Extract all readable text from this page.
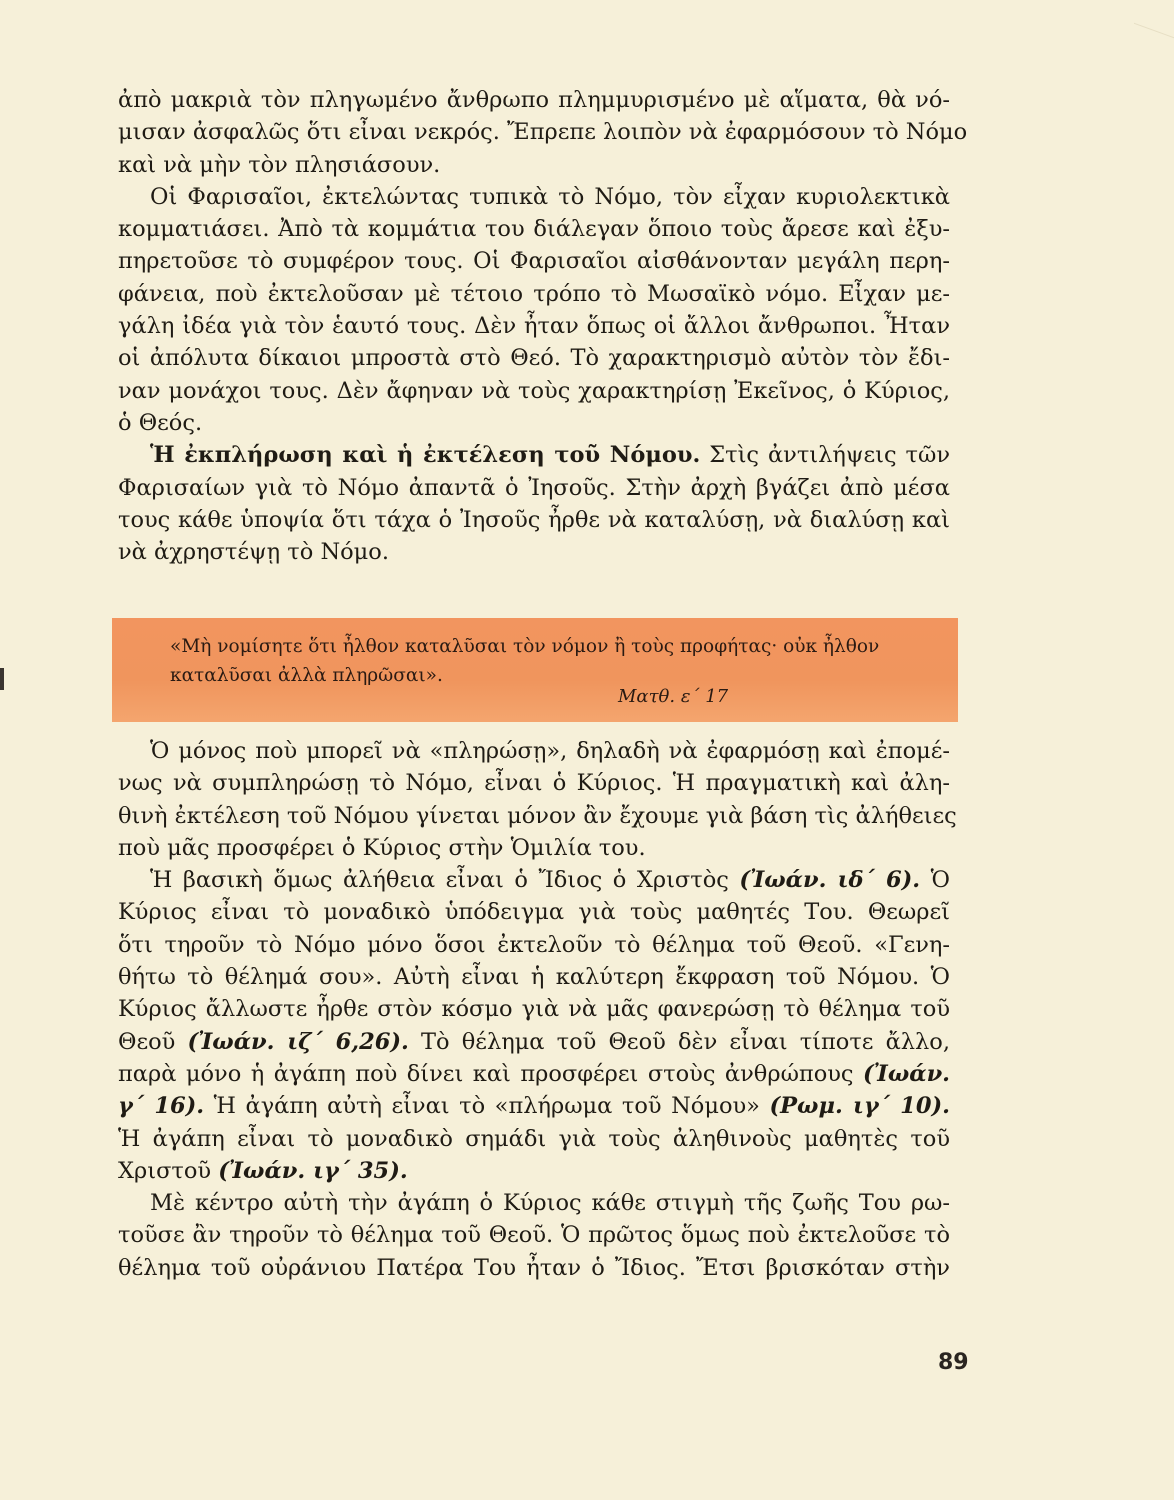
ἀπὸ μακριὰ τὸν πληγωμένο ἄνθρωπο πλημμυρισμένο μὲ αἵματα, θὰ νό-
μισαν ἀσφαλῶς ὅτι εἶναι νεκρός. Ἔπρεπε λοιπὸν νὰ ἐφαρμόσουν τὸ Νόμο
καὶ νὰ μὴν τὸν πλησιάσουν.
Οἱ Φαρισαῖοι, ἐκτελώντας τυπικὰ τὸ Νόμο, τὸν εἶχαν κυριολεκτικὰ
κομματιάσει. Ἀπὸ τὰ κομμάτια του διάλεγαν ὅποιο τοὺς ἄρεσε καὶ ἐξυ-
πηρετοῦσε τὸ συμφέρον τους. Οἱ Φαρισαῖοι αἰσθάνονταν μεγάλη περη-
φάνεια, ποὺ ἐκτελοῦσαν μὲ τέτοιο τρόπο τὸ Μωσαϊκὸ νόμο. Εἶχαν με-
γάλη ἰδέα γιὰ τὸν ἑαυτό τους. Δὲν ἦταν ὅπως οἱ ἄλλοι ἄνθρωποι. Ἦταν
οἱ ἀπόλυτα δίκαιοι μπροστὰ στὸ Θεό. Τὸ χαρακτηρισμὸ αὐτὸν τὸν ἔδι-
ναν μονάχοι τους. Δὲν ἄφηναν νὰ τοὺς χαρακτηρίσῃ Ἐκεῖνος, ὁ Κύριος,
ὁ Θεός.
Ἡ ἐκπλήρωση καὶ ἡ ἐκτέλεση τοῦ Νόμου. Στὶς ἀντιλήψεις τῶν
Φαρισαίων γιὰ τὸ Νόμο ἀπαντᾶ ὁ Ἰησοῦς. Στὴν ἀρχὴ βγάζει ἀπὸ μέσα
τους κάθε ὑποψία ὅτι τάχα ὁ Ἰησοῦς ἦρθε νὰ καταλύσῃ, νὰ διαλύσῃ καὶ
νὰ ἀχρηστέψῃ τὸ Νόμο.
«Μὴ νομίσητε ὅτι ἦλθον καταλῦσαι τὸν νόμον ἢ τοὺς προφήτας· οὐκ ἦλθον
καταλῦσαι ἀλλὰ πληρῶσαι».
Ματθ. ε΄ 17
Ὁ μόνος ποὺ μπορεῖ νὰ «πληρώσῃ», δηλαδὴ νὰ ἐφαρμόσῃ καὶ ἐπομέ-
νως νὰ συμπληρώσῃ τὸ Νόμο, εἶναι ὁ Κύριος. Ἡ πραγματικὴ καὶ ἀλη-
θινὴ ἐκτέλεση τοῦ Νόμου γίνεται μόνον ἂν ἔχουμε γιὰ βάση τὶς ἀλήθειες
ποὺ μᾶς προσφέρει ὁ Κύριος στὴν Ὁμιλία του.
Ἡ βασικὴ ὅμως ἀλήθεια εἶναι ὁ Ἴδιος ὁ Χριστὸς (Ἰωάν. ιδ΄ 6). Ὁ
Κύριος εἶναι τὸ μοναδικὸ ὑπόδειγμα γιὰ τοὺς μαθητές Του. Θεωρεῖ
ὅτι τηροῦν τὸ Νόμο μόνο ὅσοι ἐκτελοῦν τὸ θέλημα τοῦ Θεοῦ. «Γενη-
θήτω τὸ θέλημά σου». Αὐτὴ εἶναι ἡ καλύτερη ἔκφραση τοῦ Νόμου. Ὁ
Κύριος ἄλλωστε ἦρθε στὸν κόσμο γιὰ νὰ μᾶς φανερώσῃ τὸ θέλημα τοῦ
Θεοῦ (Ἰωάν. ιζ΄ 6,26). Τὸ θέλημα τοῦ Θεοῦ δὲν εἶναι τίποτε ἄλλο,
παρὰ μόνο ἡ ἀγάπη ποὺ δίνει καὶ προσφέρει στοὺς ἀνθρώπους (Ἰωάν.
γ΄ 16). Ἡ ἀγάπη αὐτὴ εἶναι τὸ «πλήρωμα τοῦ Νόμου» (Ρωμ. ιγ΄ 10).
Ἡ ἀγάπη εἶναι τὸ μοναδικὸ σημάδι γιὰ τοὺς ἀληθινοὺς μαθητὲς τοῦ
Χριστοῦ (Ἰωάν. ιγ΄ 35).
Μὲ κέντρο αὐτὴ τὴν ἀγάπη ὁ Κύριος κάθε στιγμὴ τῆς ζωῆς Του ρω-
τοῦσε ἂν τηροῦν τὸ θέλημα τοῦ Θεοῦ. Ὁ πρῶτος ὅμως ποὺ ἐκτελοῦσε τὸ
θέλημα τοῦ οὐράνιου Πατέρα Του ἦταν ὁ Ἴδιος. Ἔτσι βρισκόταν στὴν
89
